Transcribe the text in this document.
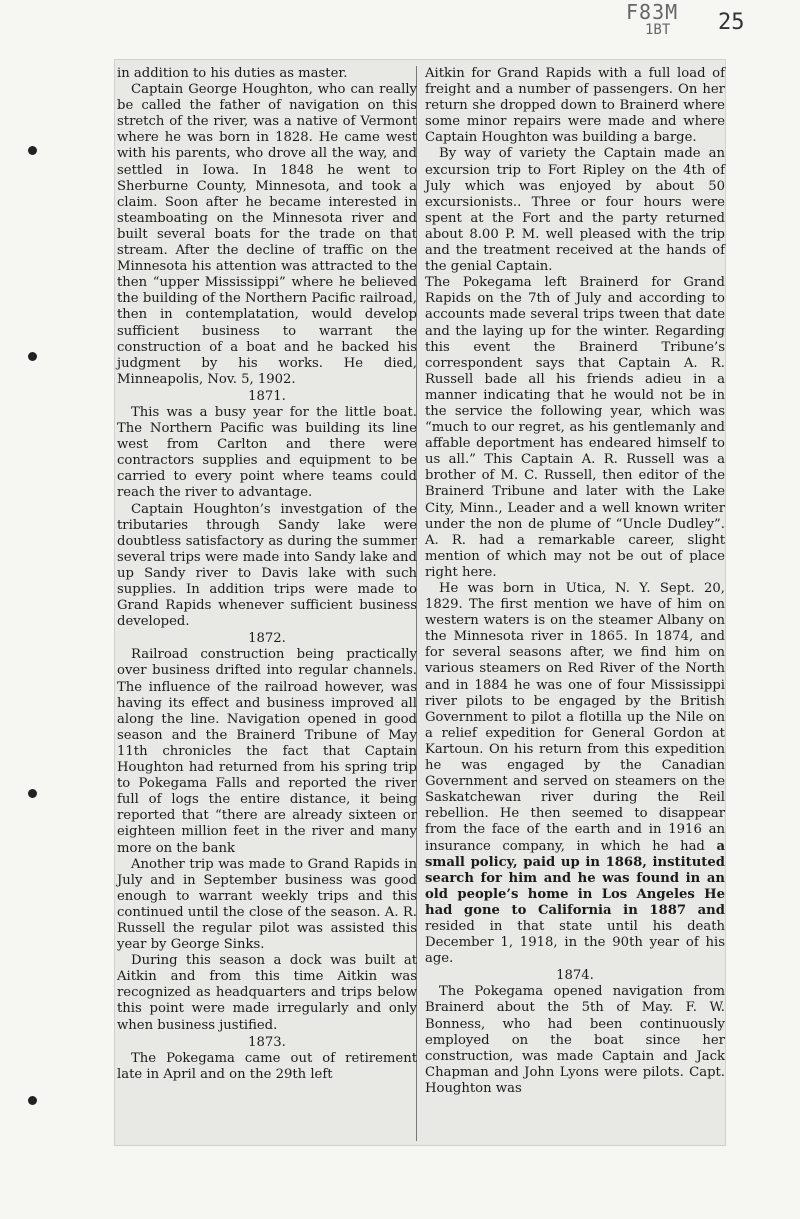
F83M
1BT 25

in addition to his duties as master.

Captain George Houghton, who can really be called the father of navigation on this stretch of the river, was a native of Vermont where he was born in 1828. He came west with his parents, who drove all the way, and settled in Iowa. In 1848 he went to Sherburne County, Minnesota, and took a claim. Soon after he became interested in steamboating on the Minnesota river and built several boats for the trade on that stream. After the decline of traffic on the Minnesota his attention was attracted to the then “upper Mississippi” where he believed the building of the Northern Pacific railroad, then in contemplatation, would develop sufficient business to warrant the construction of a boat and he backed his judgment by his works. He died, Minneapolis, Nov. 5, 1902.

1871.

This was a busy year for the little boat. The Northern Pacific was building its line west from Carlton and there were contractors supplies and equipment to be carried to every point where teams could reach the river to advantage.

Captain Houghton’s investgation of the tributaries through Sandy lake were doubtless satisfactory as during the summer several trips were made into Sandy lake and up Sandy river to Davis lake with such supplies. In addition trips were made to Grand Rapids whenever sufficient business developed.

1872.

Railroad construction being practically over business drifted into regular channels. The influence of the railroad however, was having its effect and business improved all along the line. Navigation opened in good season and the Brainerd Tribune of May 11th chronicles the fact that Captain Houghton had returned from his spring trip to Pokegama Falls and reported the river full of logs the entire distance, it being reported that “there are already sixteen or eighteen million feet in the river and many more on the bank

Another trip was made to Grand Rapids in July and in September business was good enough to warrant weekly trips and this continued until the close of the season. A. R. Russell the regular pilot was assisted this year by George Sinks.

During this season a dock was built at Aitkin and from this time Aitkin was recognized as headquarters and trips below this point were made irregularly and only when business justified.

1873.

The Pokegama came out of retirement late in April and on the 29th left

Aitkin for Grand Rapids with a full load of freight and a number of passengers. On her return she dropped down to Brainerd where some minor repairs were made and where Captain Houghton was building a barge.

By way of variety the Captain made an excursion trip to Fort Ripley on the 4th of July which was enjoyed by about 50 excursionists.. Three or four hours were spent at the Fort and the party returned about 8.00 P. M. well pleased with the trip and the treatment received at the hands of the genial Captain.

The Pokegama left Brainerd for Grand Rapids on the 7th of July and according to accounts made several trips tween that date and the laying up for the winter. Regarding this event the Brainerd Tribune’s correspondent says that Captain A. R. Russell bade all his friends adieu in a manner indicating that he would not be in the service the following year, which was “much to our regret, as his gentlemanly and affable deportment has endeared himself to us all.” This Captain A. R. Russell was a brother of M. C. Russell, then editor of the Brainerd Tribune and later with the Lake City, Minn., Leader and a well known writer under the non de plume of “Uncle Dudley”. A. R. had a remarkable career, slight mention of which may not be out of place right here.

He was born in Utica, N. Y. Sept. 20, 1829. The first mention we have of him on western waters is on the steamer Albany on the Minnesota river in 1865. In 1874, and for several seasons after, we find him on various steamers on Red River of the North and in 1884 he was one of four Mississippi river pilots to be engaged by the British Government to pilot a flotilla up the Nile on a relief expedition for General Gordon at Kartoun. On his return from this expedition he was engaged by the Canadian Government and served on steamers on the Saskatchewan river during the Reil rebellion. He then seemed to disappear from the face of the earth and in 1916 an insurance company, in which he had a small policy, paid up in 1868, instituted search for him and he was found in an old people’s home in Los Angeles He had gone to California in 1887 and resided in that state until his death December 1, 1918, in the 90th year of his age.

1874.

The Pokegama opened navigation from Brainerd about the 5th of May. F. W. Bonness, who had been continuously employed on the boat since her construction, was made Captain and Jack Chapman and John Lyons were pilots. Capt. Houghton was
